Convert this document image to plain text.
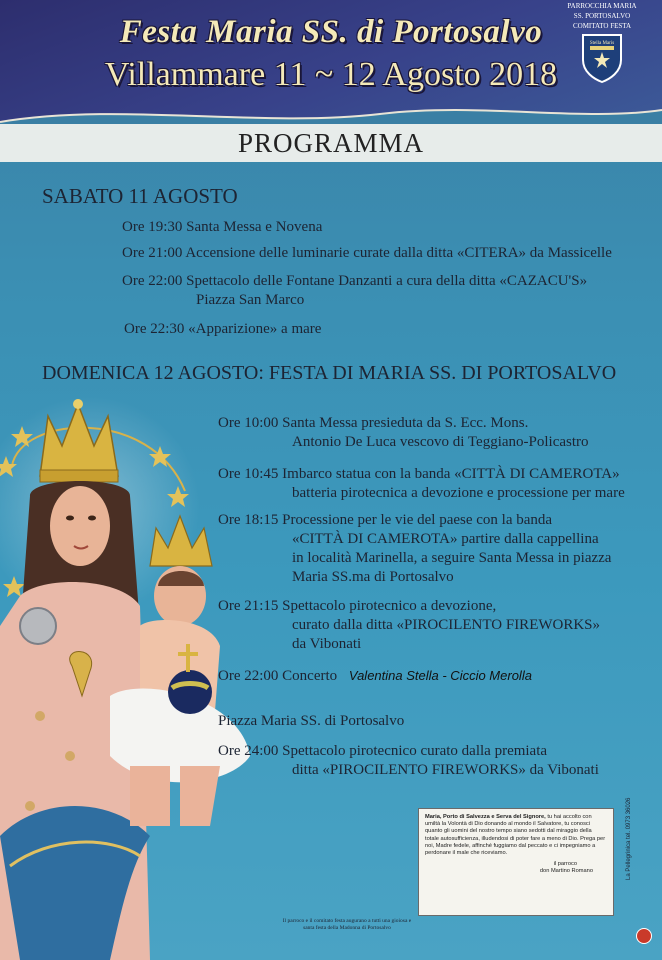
Festa Maria SS. di Portosalvo
Villammare 11 ~ 12 Agosto 2018
PARROCCHIA MARIA
SS. PORTOSALVO
COMITATO FESTA
Stella Maris
PROGRAMMA
SABATO 11 AGOSTO
Ore 19:30 Santa Messa e Novena
Ore 21:00 Accensione delle luminarie curate dalla ditta «CITERA» da Massicelle
Ore 22:00 Spettacolo delle Fontane Danzanti a cura della ditta «CAZACU'S»
Piazza San Marco
Ore 22:30 «Apparizione» a mare
DOMENICA 12 AGOSTO: FESTA DI MARIA SS. DI PORTOSALVO
Ore 10:00 Santa Messa presieduta da S. Ecc. Mons.
Antonio De Luca vescovo di Teggiano-Policastro
Ore 10:45 Imbarco statua con la banda «CITTÀ DI CAMEROTA»
batteria pirotecnica a devozione e processione per mare
Ore 18:15 Processione per le vie del paese con la banda
«CITTÀ DI CAMEROTA» partire dalla cappellina
in località Marinella, a seguire Santa Messa in piazza
Maria SS.ma di Portosalvo
Ore 21:15 Spettacolo pirotecnico a devozione,
curato dalla ditta «PIROCILENTO FIREWORKS»
da Vibonati
Ore 22:00 Concerto Valentina Stella - Ciccio Merolla
Piazza Maria SS. di Portosalvo
Ore 24:00 Spettacolo pirotecnico curato dalla premiata
ditta «PIROCILENTO FIREWORKS» da Vibonati
Maria, Porto di Salvezza e Serva del Signore, tu hai accolto con umiltà la Volontà di Dio donando al mondo il Salvatore, tu conosci quanto gli uomini del nostro tempo siano sedotti dal miraggio della totale autosufficienza, illudendosi di poter fare a meno di Dio. Prega per noi, Madre fedele, affinché fuggiamo dal peccato e ci impegniamo a perdonare il male che riceviamo.
il parroco
don Martino Romano
Il parroco e il comitato festa augurano a tutti una gioiosa e santa festa della Madonna di Portosalvo
La Pellegrinica tel. 0973 36026
